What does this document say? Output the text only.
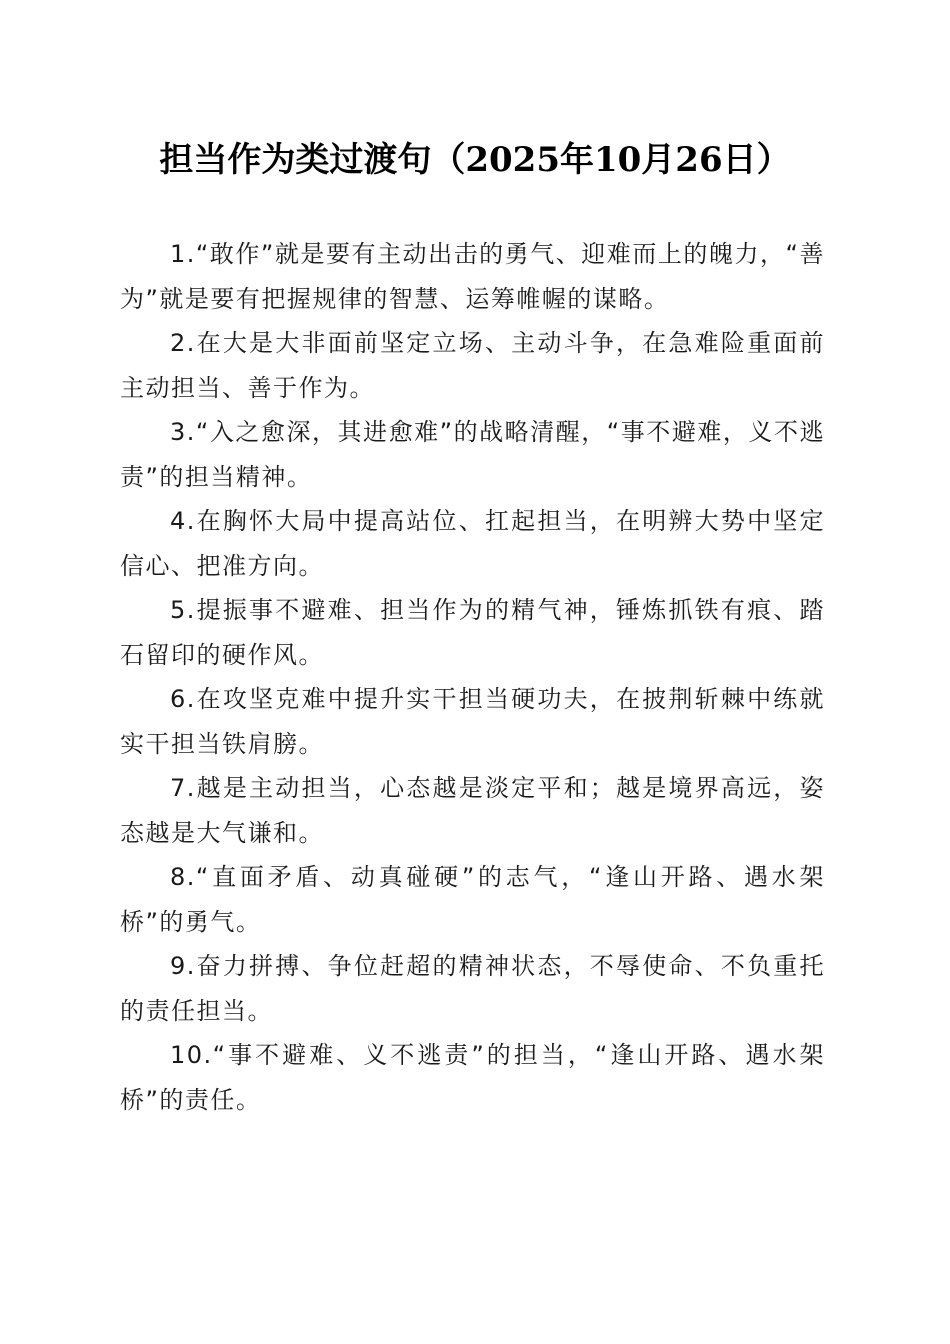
担当作为类过渡句（2025年10月26日）

1.“敢作”就是要有主动出击的勇气、迎难而上的魄力，“善为”就是要有把握规律的智慧、运筹帷幄的谋略。

2.在大是大非面前坚定立场、主动斗争，在急难险重面前主动担当、善于作为。

3.“入之愈深，其进愈难”的战略清醒，“事不避难，义不逃责”的担当精神。

4.在胸怀大局中提高站位、扛起担当，在明辨大势中坚定信心、把准方向。

5.提振事不避难、担当作为的精气神，锤炼抓铁有痕、踏石留印的硬作风。

6.在攻坚克难中提升实干担当硬功夫，在披荆斩棘中练就实干担当铁肩膀。

7.越是主动担当，心态越是淡定平和；越是境界高远，姿态越是大气谦和。

8.“直面矛盾、动真碰硬”的志气，“逢山开路、遇水架桥”的勇气。

9.奋力拼搏、争位赶超的精神状态，不辱使命、不负重托的责任担当。

10.“事不避难、义不逃责”的担当，“逢山开路、遇水架桥”的责任。
